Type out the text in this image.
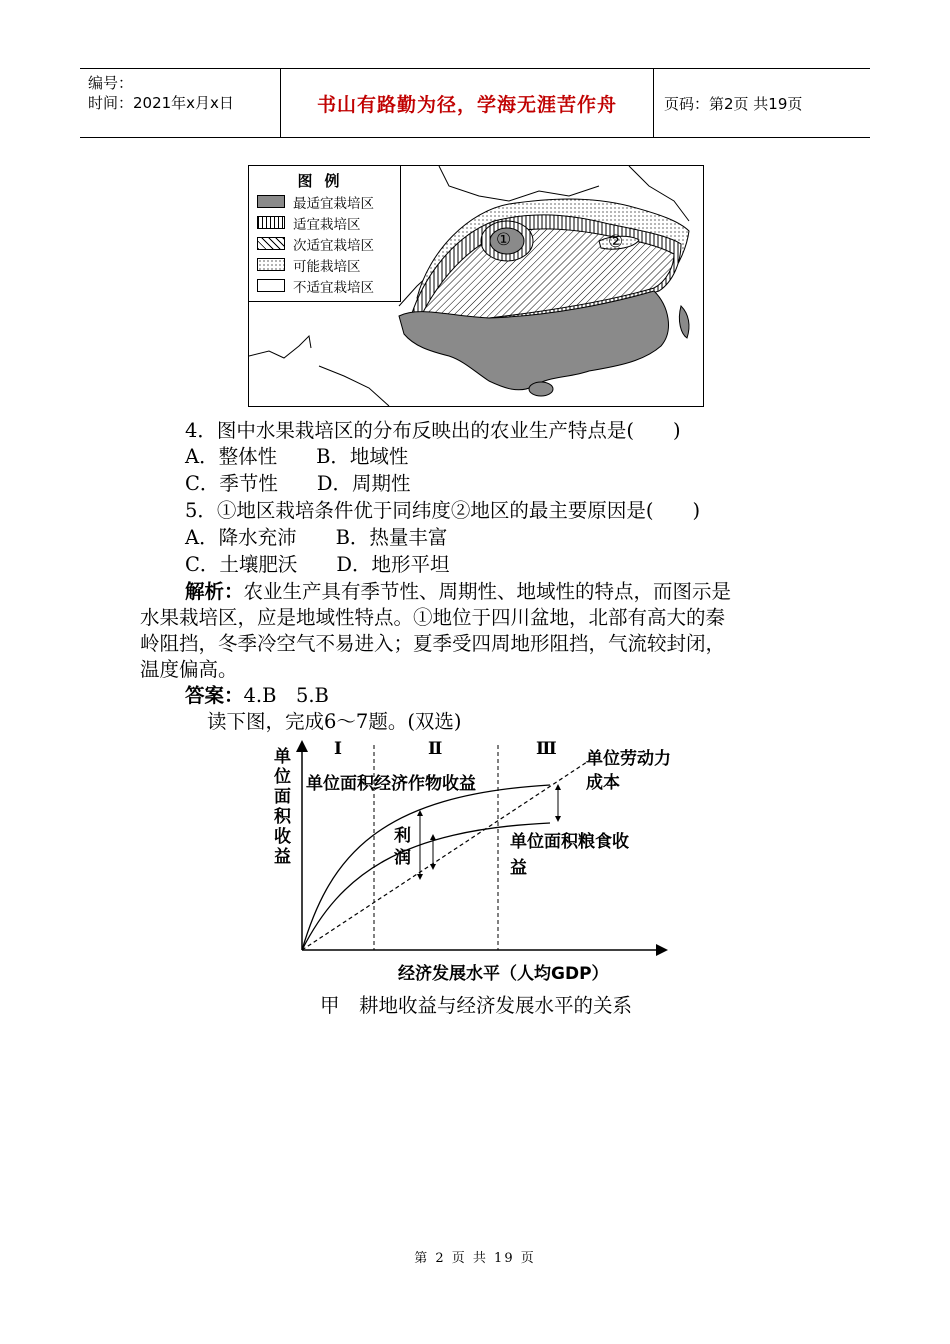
编号：
时间：2021年x月x日	书山有路勤为径，学海无涯苦作舟	页码：第2页 共19页
①	②
图例
最适宜栽培区
适宜栽培区
次适宜栽培区
可能栽培区
不适宜栽培区
4．图中水果栽培区的分布反映出的农业生产特点是(　　)
A．整体性　　B．地域性
C．季节性　　D．周期性
5．①地区栽培条件优于同纬度②地区的最主要原因是(　　)
A．降水充沛　　B．热量丰富
C．土壤肥沃　　D．地形平坦
解析：农业生产具有季节性、周期性、地域性的特点，而图示是
水果栽培区，应是地域性特点。①地位于四川盆地，北部有高大的秦
岭阻挡，冬季冷空气不易进入；夏季受四周地形阻挡，气流较封闭，
温度偏高。
答案：4.B　5.B
读下图，完成6～7题。(双选)
单位面积收益
Ⅰ	Ⅱ	Ⅲ
单位面积经济作物收益
单位面积粮食收益
单位劳动力成本
利润
经济发展水平（人均GDP）
甲　耕地收益与经济发展水平的关系
第 2 页 共 19 页
